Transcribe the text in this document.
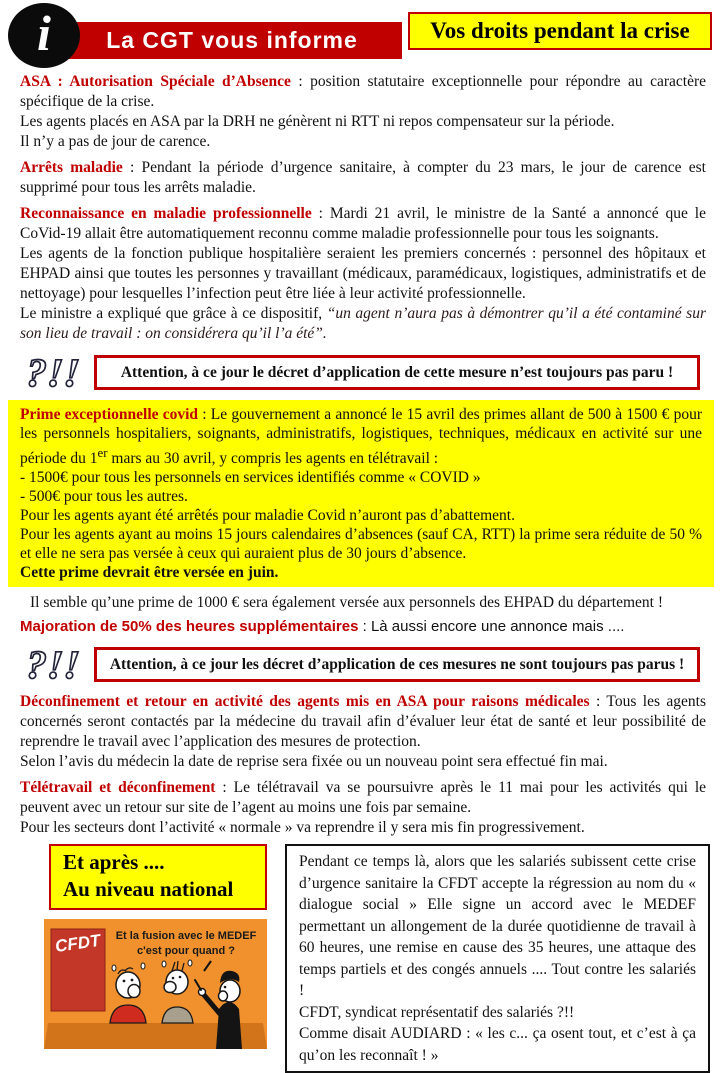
La CGT vous informe
i	Vos droits pendant la crise

ASA : Autorisation Spéciale d’Absence : position statutaire exceptionnelle pour répondre au caractère spécifique de la crise.

Les agents placés en ASA par la DRH ne génèrent ni RTT ni repos compensateur sur la période.

Il n’y a pas de jour de carence.

Arrêts maladie : Pendant la période d’urgence sanitaire, à compter du 23 mars, le jour de carence est supprimé pour tous les arrêts maladie.

Reconnaissance en maladie professionnelle : Mardi 21 avril, le ministre de la Santé a annoncé que le CoVid-19 allait être automatiquement reconnu comme maladie professionnelle pour tous les soignants.

Les agents de la fonction publique hospitalière seraient les premiers concernés : personnel des hôpitaux et EHPAD ainsi que toutes les personnes y travaillant (médicaux, paramédicaux, logistiques, administratifs et de nettoyage) pour lesquelles l’infection peut être liée à leur activité professionnelle.

Le ministre a expliqué que grâce à ce dispositif, “un agent n’aura pas à démontrer qu’il a été contaminé sur son lieu de travail : on considérera qu’il l’a été”.

?!!	Attention, à ce jour le décret d’application de cette mesure n’est toujours pas paru !

Prime exceptionnelle covid : Le gouvernement a annoncé le 15 avril des primes allant de 500 à 1500 € pour les personnels hospitaliers, soignants, administratifs, logistiques, techniques, médicaux en activité sur une période du 1er mars au 30 avril, y compris les agents en télétravail :

- 1500€ pour tous les personnels en services identifiés comme « COVID »

- 500€ pour tous les autres.

Pour les agents ayant été arrêtés pour maladie Covid n’auront pas d’abattement.

Pour les agents ayant au moins 15 jours calendaires d’absences (sauf CA, RTT) la prime sera réduite de 50 % et elle ne sera pas versée à ceux qui auraient plus de 30 jours d’absence.

Cette prime devrait être versée en juin.

Il semble qu’une prime de 1000 € sera également versée aux personnels des EHPAD du département !

Majoration de 50% des heures supplémentaires : Là aussi encore une annonce mais ....

?!!	Attention, à ce jour les décret d’application de ces mesures ne sont toujours pas parus !

Déconfinement et retour en activité des agents mis en ASA pour raisons médicales : Tous les agents concernés seront contactés par la médecine du travail afin d’évaluer leur état de santé et leur possibilité de reprendre le travail avec l’application des mesures de protection.

Selon l’avis du médecin la date de reprise sera fixée ou un nouveau point sera effectué fin mai.

Télétravail et déconfinement : Le télétravail va se poursuivre après le 11 mai pour les activités qui le peuvent avec un retour sur site de l’agent au moins une fois par semaine.

Pour les secteurs dont l’activité « normale » va reprendre il y sera mis fin progressivement.

Et après ....
Au niveau national
CFDT Et la fusion avec le MEDEF
c'est pour quand ?

Pendant ce temps là, alors que les salariés subissent cette crise d’urgence sanitaire la CFDT accepte la régression au nom du « dialogue social » Elle signe un accord avec le MEDEF permettant un allongement de la durée quotidienne de travail à 60 heures, une remise en cause des 35 heures, une attaque des temps partiels et des congés annuels .... Tout contre les salariés !

CFDT, syndicat représentatif des salariés ?!!

Comme disait AUDIARD : « les c... ça osent tout, et c’est à ça qu’on les reconnaît ! »
